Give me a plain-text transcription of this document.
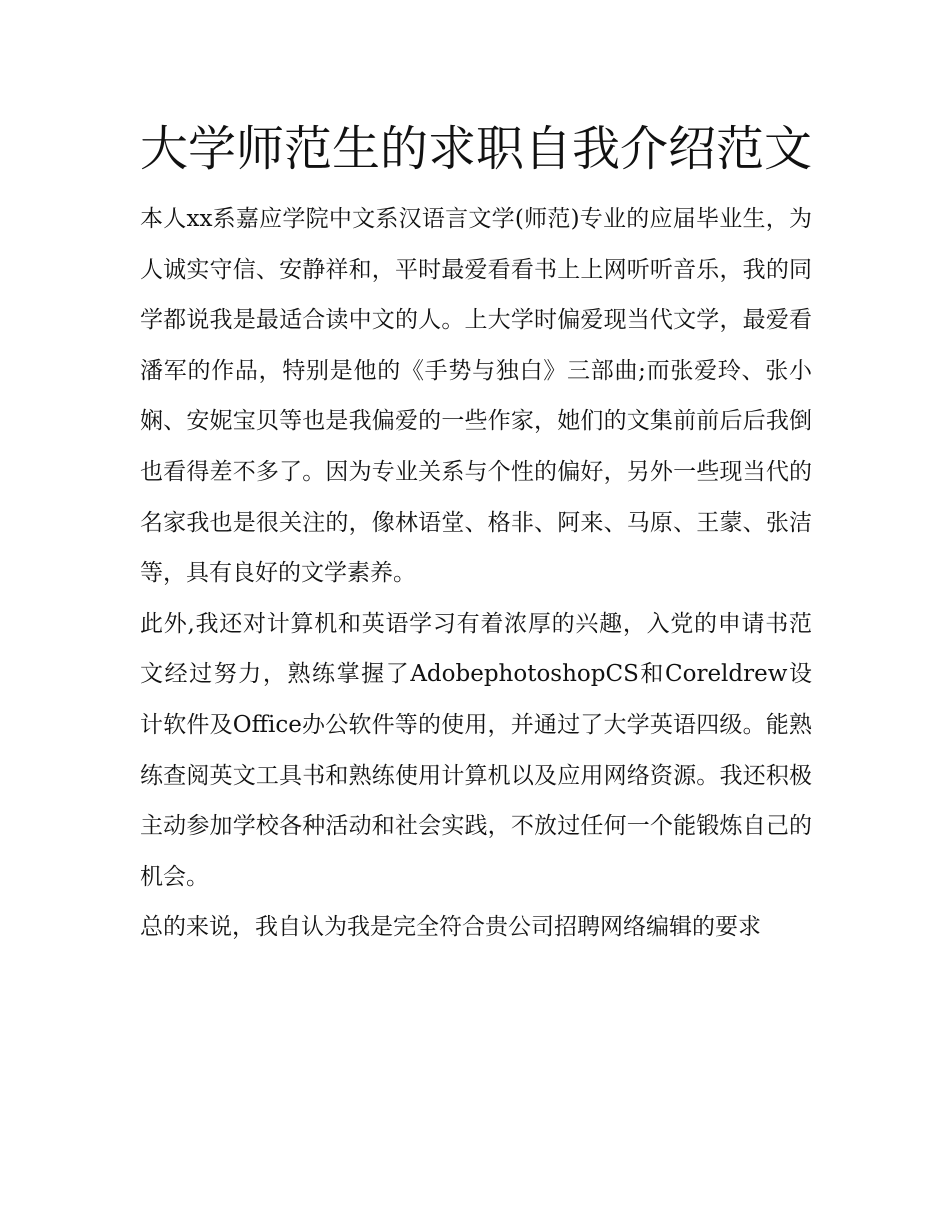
大学师范生的求职自我介绍范文

本人xx系嘉应学院中文系汉语言文学(师范)专业的应届毕业生，为人诚实守信、安静祥和，平时最爱看看书上上网听听音乐，我的同学都说我是最适合读中文的人。上大学时偏爱现当代文学，最爱看潘军的作品，特别是他的《手势与独白》三部曲;而张爱玲、张小娴、安妮宝贝等也是我偏爱的一些作家，她们的文集前前后后我倒也看得差不多了。因为专业关系与个性的偏好，另外一些现当代的名家我也是很关注的，像林语堂、格非、阿来、马原、王蒙、张洁等，具有良好的文学素养。

此外,我还对计算机和英语学习有着浓厚的兴趣，入党的申请书范文经过努力，熟练掌握了AdobephotoshopCS和Coreldrew设计软件及Office办公软件等的使用，并通过了大学英语四级。能熟练查阅英文工具书和熟练使用计算机以及应用网络资源。我还积极主动参加学校各种活动和社会实践，不放过任何一个能锻炼自己的机会。

总的来说，我自认为我是完全符合贵公司招聘网络编辑的要求
